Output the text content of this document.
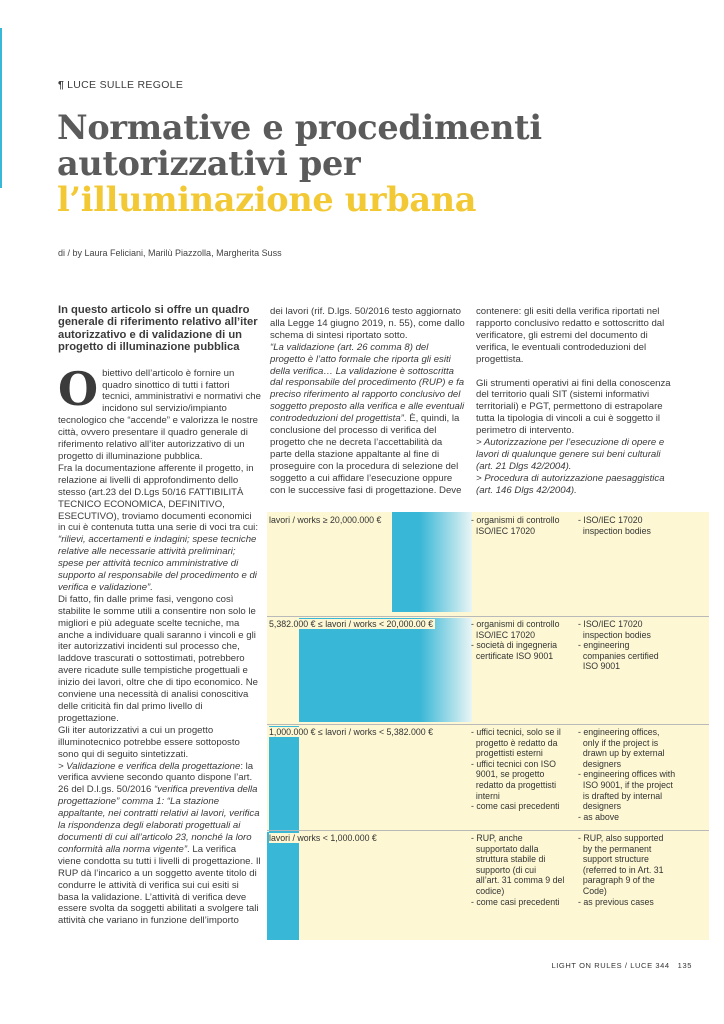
¶ LUCE SULLE REGOLE
Normative e procedimenti
autorizzativi per
l’illuminazione urbana
di / by Laura Feliciani, Marilù Piazzolla, Margherita Suss

In questo articolo si offre un quadro generale di riferimento relativo all’iter autorizzativo e di validazione di un progetto di illuminazione pubblica

Obiettivo dell’articolo è fornire un quadro sinottico di tutti i fattori tecnici, amministrativi e normativi che incidono sul servizio/impianto tecnologico che “accende” e valorizza le nostre città, ovvero presentare il quadro generale di riferimento relativo all’iter autorizzativo di un progetto di illuminazione pubblica.

Fra la documentazione afferente il progetto, in relazione ai livelli di approfondimento dello stesso (art.23 del D.Lgs 50/16 FATTIBILITÀ TECNICO ECONOMICA, DEFINITIVO, ESECUTIVO), troviamo documenti economici in cui è contenuta tutta una serie di voci tra cui: “rilievi, accertamenti e indagini; spese tecniche relative alle necessarie attività preliminari; spese per attività tecnico amministrative di supporto al responsabile del procedimento e di verifica e validazione”.

Di fatto, fin dalle prime fasi, vengono così stabilite le somme utili a consentire non solo le migliori e più adeguate scelte tecniche, ma anche a individuare quali saranno i vincoli e gli iter autorizzativi incidenti sul processo che, laddove trascurati o sottostimati, potrebbero avere ricadute sulle tempistiche progettuali e inizio dei lavori, oltre che di tipo economico. Ne conviene una necessità di analisi conoscitiva delle criticità fin dal primo livello di progettazione.

Gli iter autorizzativi a cui un progetto illuminotecnico potrebbe essere sottoposto sono qui di seguito sintetizzati.

> Validazione e verifica della progettazione: la verifica avviene secondo quanto dispone l’art. 26 del D.l.gs. 50/2016 “verifica preventiva della progettazione” comma 1: “La stazione appaltante, nei contratti relativi ai lavori, verifica la rispondenza degli elaborati progettuali ai documenti di cui all’articolo 23, nonché la loro conformità alla norma vigente”. La verifica viene condotta su tutti i livelli di progettazione. Il RUP dà l’incarico a un soggetto avente titolo di condurre le attività di verifica sui cui esiti si basa la validazione. L’attività di verifica deve essere svolta da soggetti abilitati a svolgere tali attività che variano in funzione dell’importo

dei lavori (rif. D.lgs. 50/2016 testo aggiornato alla Legge 14 giugno 2019, n. 55), come dallo schema di sintesi riportato sotto.

“La validazione (art. 26 comma 8) del progetto è l’atto formale che riporta gli esiti della verifica… La validazione è sottoscritta dal responsabile del procedimento (RUP) e fa preciso riferimento al rapporto conclusivo del soggetto preposto alla verifica e alle eventuali controdeduzioni del progettista”. È, quindi, la conclusione del processo di verifica del progetto che ne decreta l’accettabilità da parte della stazione appaltante al fine di proseguire con la procedura di selezione del soggetto a cui affidare l’esecuzione oppure con le successive fasi di progettazione. Deve

contenere: gli esiti della verifica riportati nel rapporto conclusivo redatto e sottoscritto dal verificatore, gli estremi del documento di verifica, le eventuali controdeduzioni del progettista.

Gli strumenti operativi ai fini della conoscenza del territorio quali SIT (sistemi informativi territoriali) e PGT, permettono di estrapolare tutta la tipologia di vincoli a cui è soggetto il perimetro di intervento.

> Autorizzazione per l’esecuzione di opere e lavori di qualunque genere sui beni culturali (art. 21 Dlgs 42/2004).

> Procedura di autorizzazione paesaggistica (art. 146 Dlgs 42/2004).

lavori / works ≥ 20,000.000 €
5,382.000 € ≤ lavori / works < 20,000.00 €
1,000.000 € ≤ lavori / works < 5,382.000 €
lavori / works < 1,000.000 €
- organismi di controllo
ISO/IEC 17020
- ISO/IEC 17020
inspection bodies
- organismi di controllo
ISO/IEC 17020
- società di ingegneria
certificate ISO 9001
- ISO/IEC 17020
inspection bodies
- engineering
companies certified
ISO 9001
- uffici tecnici, solo se il
progetto è redatto da
progettisti esterni
- uffici tecnici con ISO
9001, se progetto
redatto da progettisti
interni
- come casi precedenti
- engineering offices,
only if the project is
drawn up by external
designers
- engineering offices with
ISO 9001, if the project
is drafted by internal
designers
- as above
- RUP, anche
supportato dalla
struttura stabile di
supporto (di cui
all’art. 31 comma 9 del
codice)
- come casi precedenti
- RUP, also supported
by the permanent
support structure
(referred to in Art. 31
paragraph 9 of the
Code)
- as previous cases
LIGHT ON RULES / LUCE 344 135
